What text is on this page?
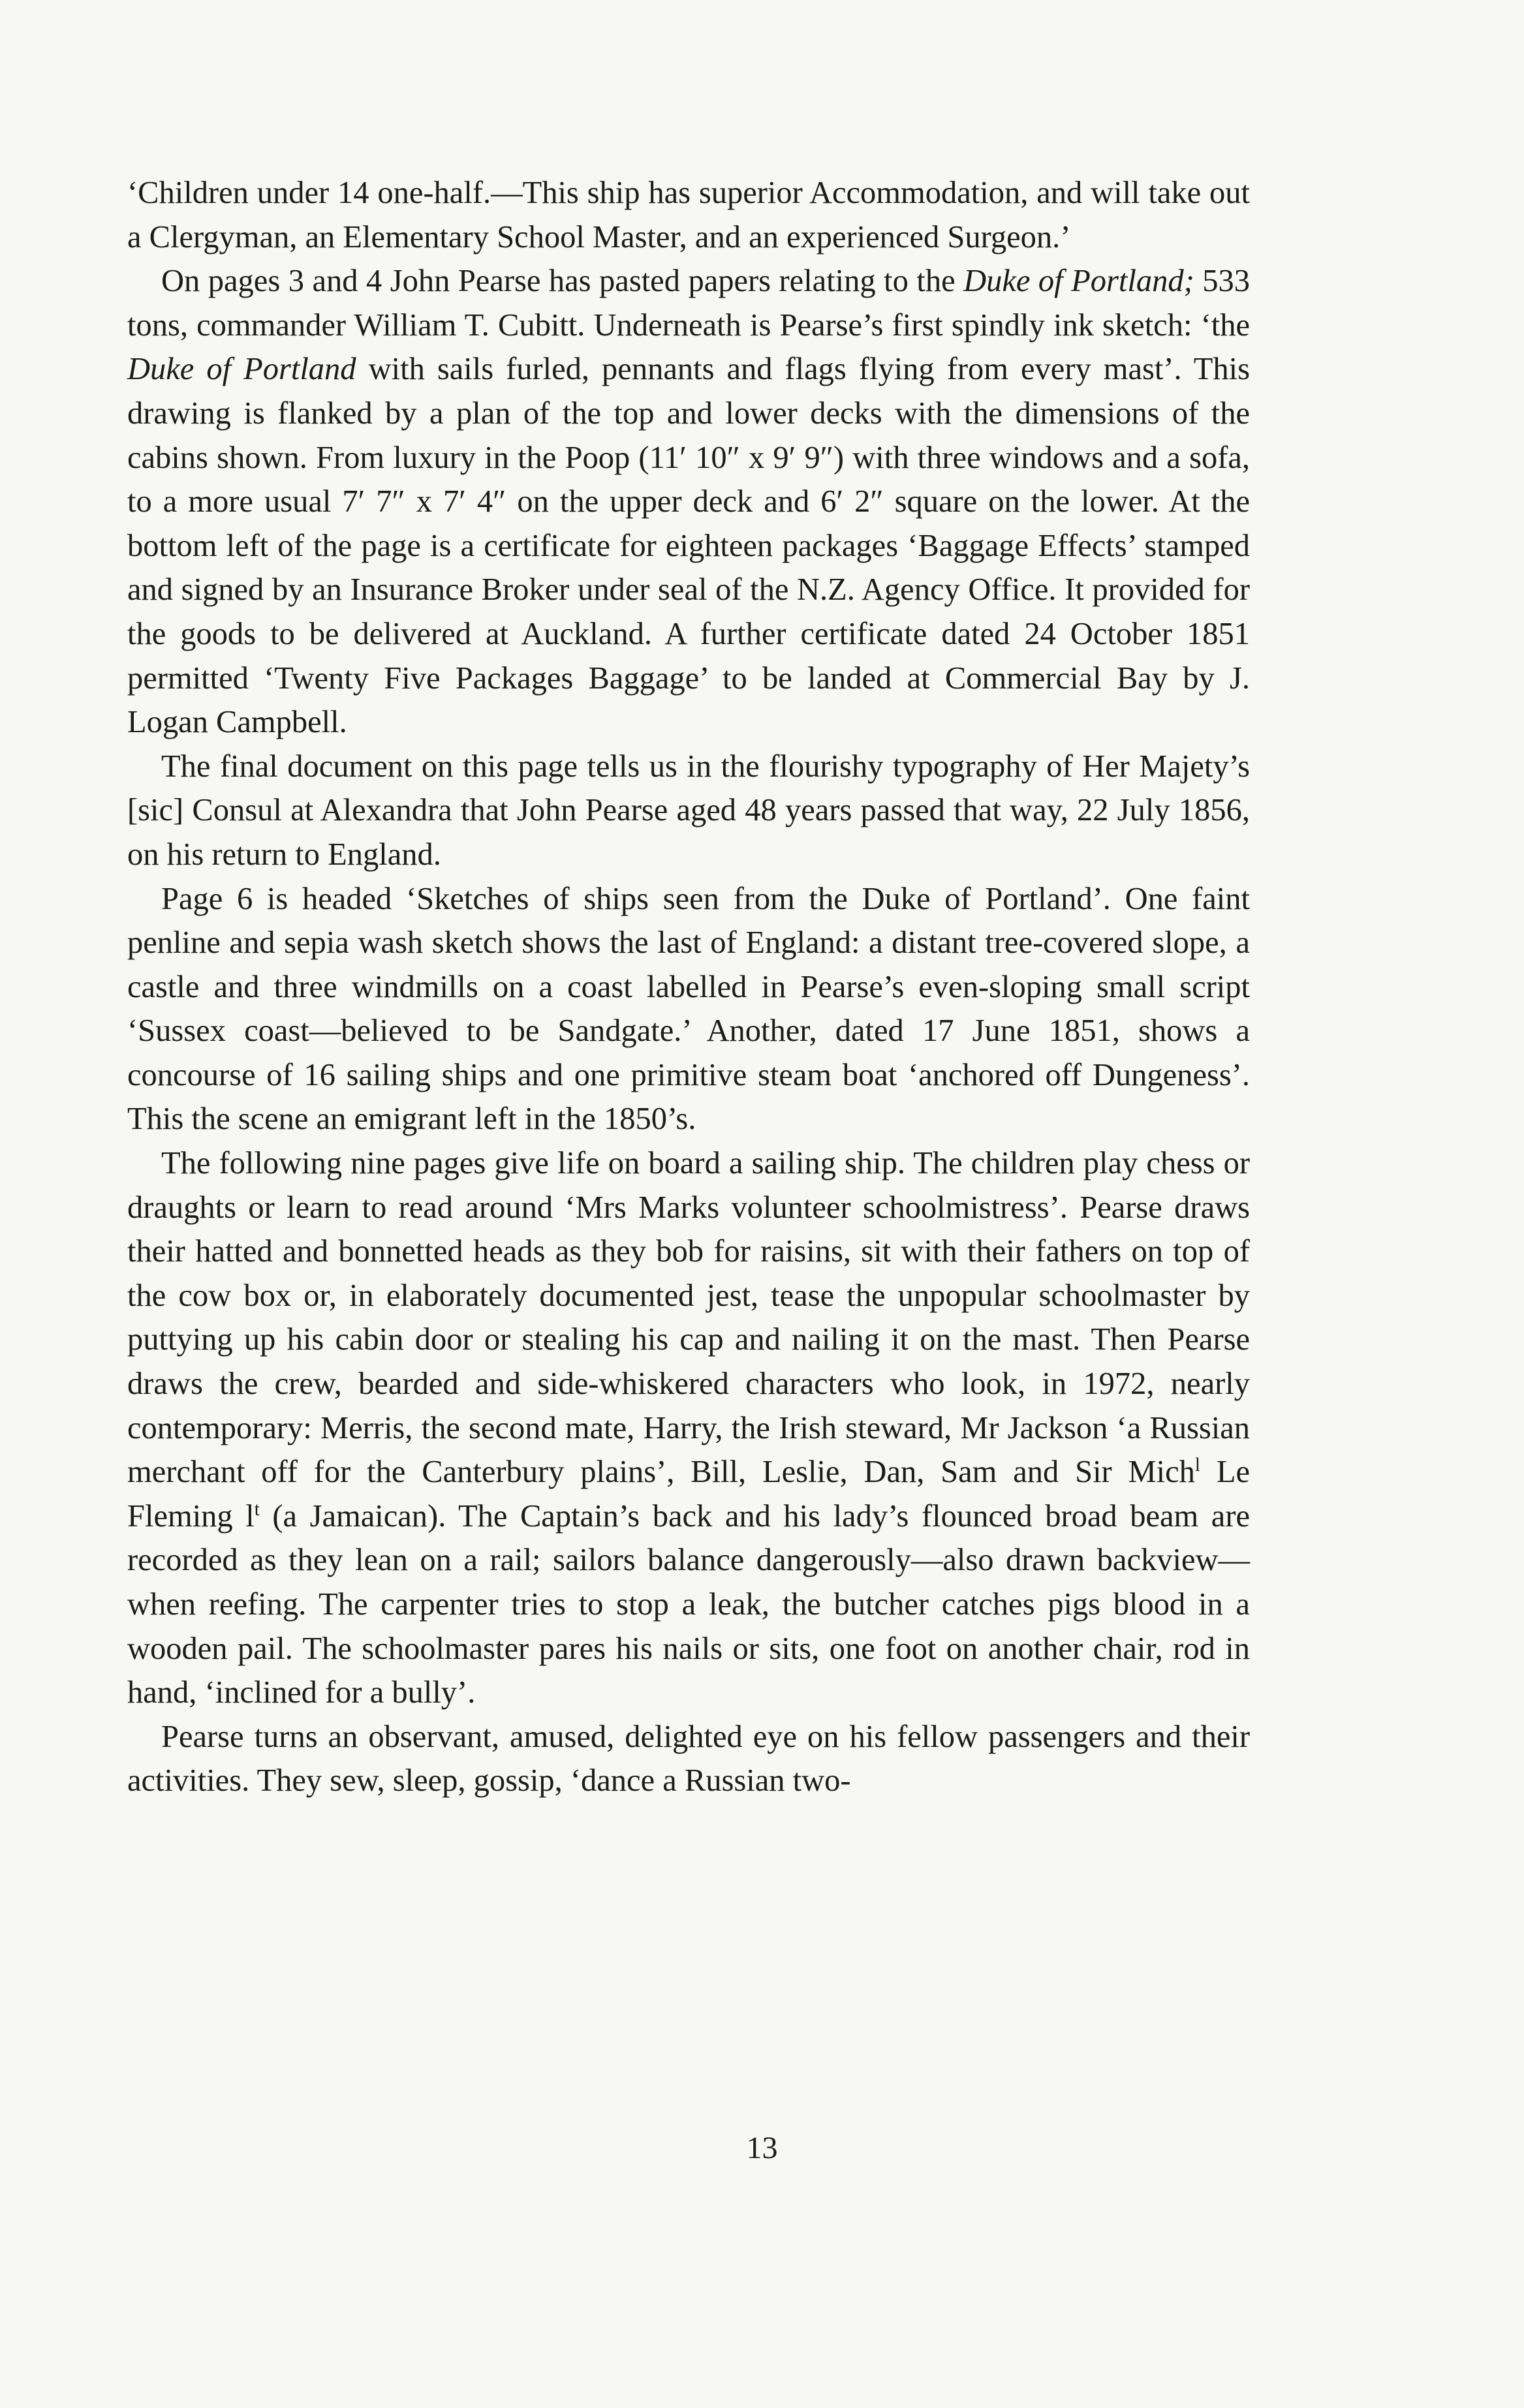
‘Children under 14 one-half.—This ship has superior Accommodation, and will take out a Clergyman, an Elementary School Master, and an experienced Surgeon.’

On pages 3 and 4 John Pearse has pasted papers relating to the Duke of Portland; 533 tons, commander William T. Cubitt. Underneath is Pearse’s first spindly ink sketch: ‘the Duke of Portland with sails furled, pennants and flags flying from every mast’. This drawing is flanked by a plan of the top and lower decks with the dimensions of the cabins shown. From luxury in the Poop (11′ 10″ x 9′ 9″) with three windows and a sofa, to a more usual 7′ 7″ x 7′ 4″ on the upper deck and 6′ 2″ square on the lower. At the bottom left of the page is a certificate for eighteen packages ‘Baggage Effects’ stamped and signed by an Insurance Broker under seal of the N.Z. Agency Office. It provided for the goods to be delivered at Auckland. A further certificate dated 24 October 1851 permitted ‘Twenty Five Packages Baggage’ to be landed at Commercial Bay by J. Logan Campbell.

The final document on this page tells us in the flourishy typography of Her Majety’s [sic] Consul at Alexandra that John Pearse aged 48 years passed that way, 22 July 1856, on his return to England.

Page 6 is headed ‘Sketches of ships seen from the Duke of Portland’. One faint penline and sepia wash sketch shows the last of England: a distant tree-covered slope, a castle and three windmills on a coast labelled in Pearse’s even-sloping small script ‘Sussex coast—believed to be Sandgate.’ Another, dated 17 June 1851, shows a concourse of 16 sailing ships and one primitive steam boat ‘anchored off Dungeness’. This the scene an emigrant left in the 1850’s.

The following nine pages give life on board a sailing ship. The children play chess or draughts or learn to read around ‘Mrs Marks volunteer schoolmistress’. Pearse draws their hatted and bonnetted heads as they bob for raisins, sit with their fathers on top of the cow box or, in elaborately documented jest, tease the unpopular schoolmaster by puttying up his cabin door or stealing his cap and nailing it on the mast. Then Pearse draws the crew, bearded and side-whiskered characters who look, in 1972, nearly contemporary: Merris, the second mate, Harry, the Irish steward, Mr Jackson ‘a Russian merchant off for the Canterbury plains’, Bill, Leslie, Dan, Sam and Sir Mich$^l$ Le Fleming $l^t$ (a Jamaican). The Captain’s back and his lady’s flounced broad beam are recorded as they lean on a rail; sailors balance dangerously—also drawn backview—when reefing. The carpenter tries to stop a leak, the butcher catches pigs blood in a wooden pail. The schoolmaster pares his nails or sits, one foot on another chair, rod in hand, ‘inclined for a bully’.

Pearse turns an observant, amused, delighted eye on his fellow passengers and their activities. They sew, sleep, gossip, ‘dance a Russian two-

13
